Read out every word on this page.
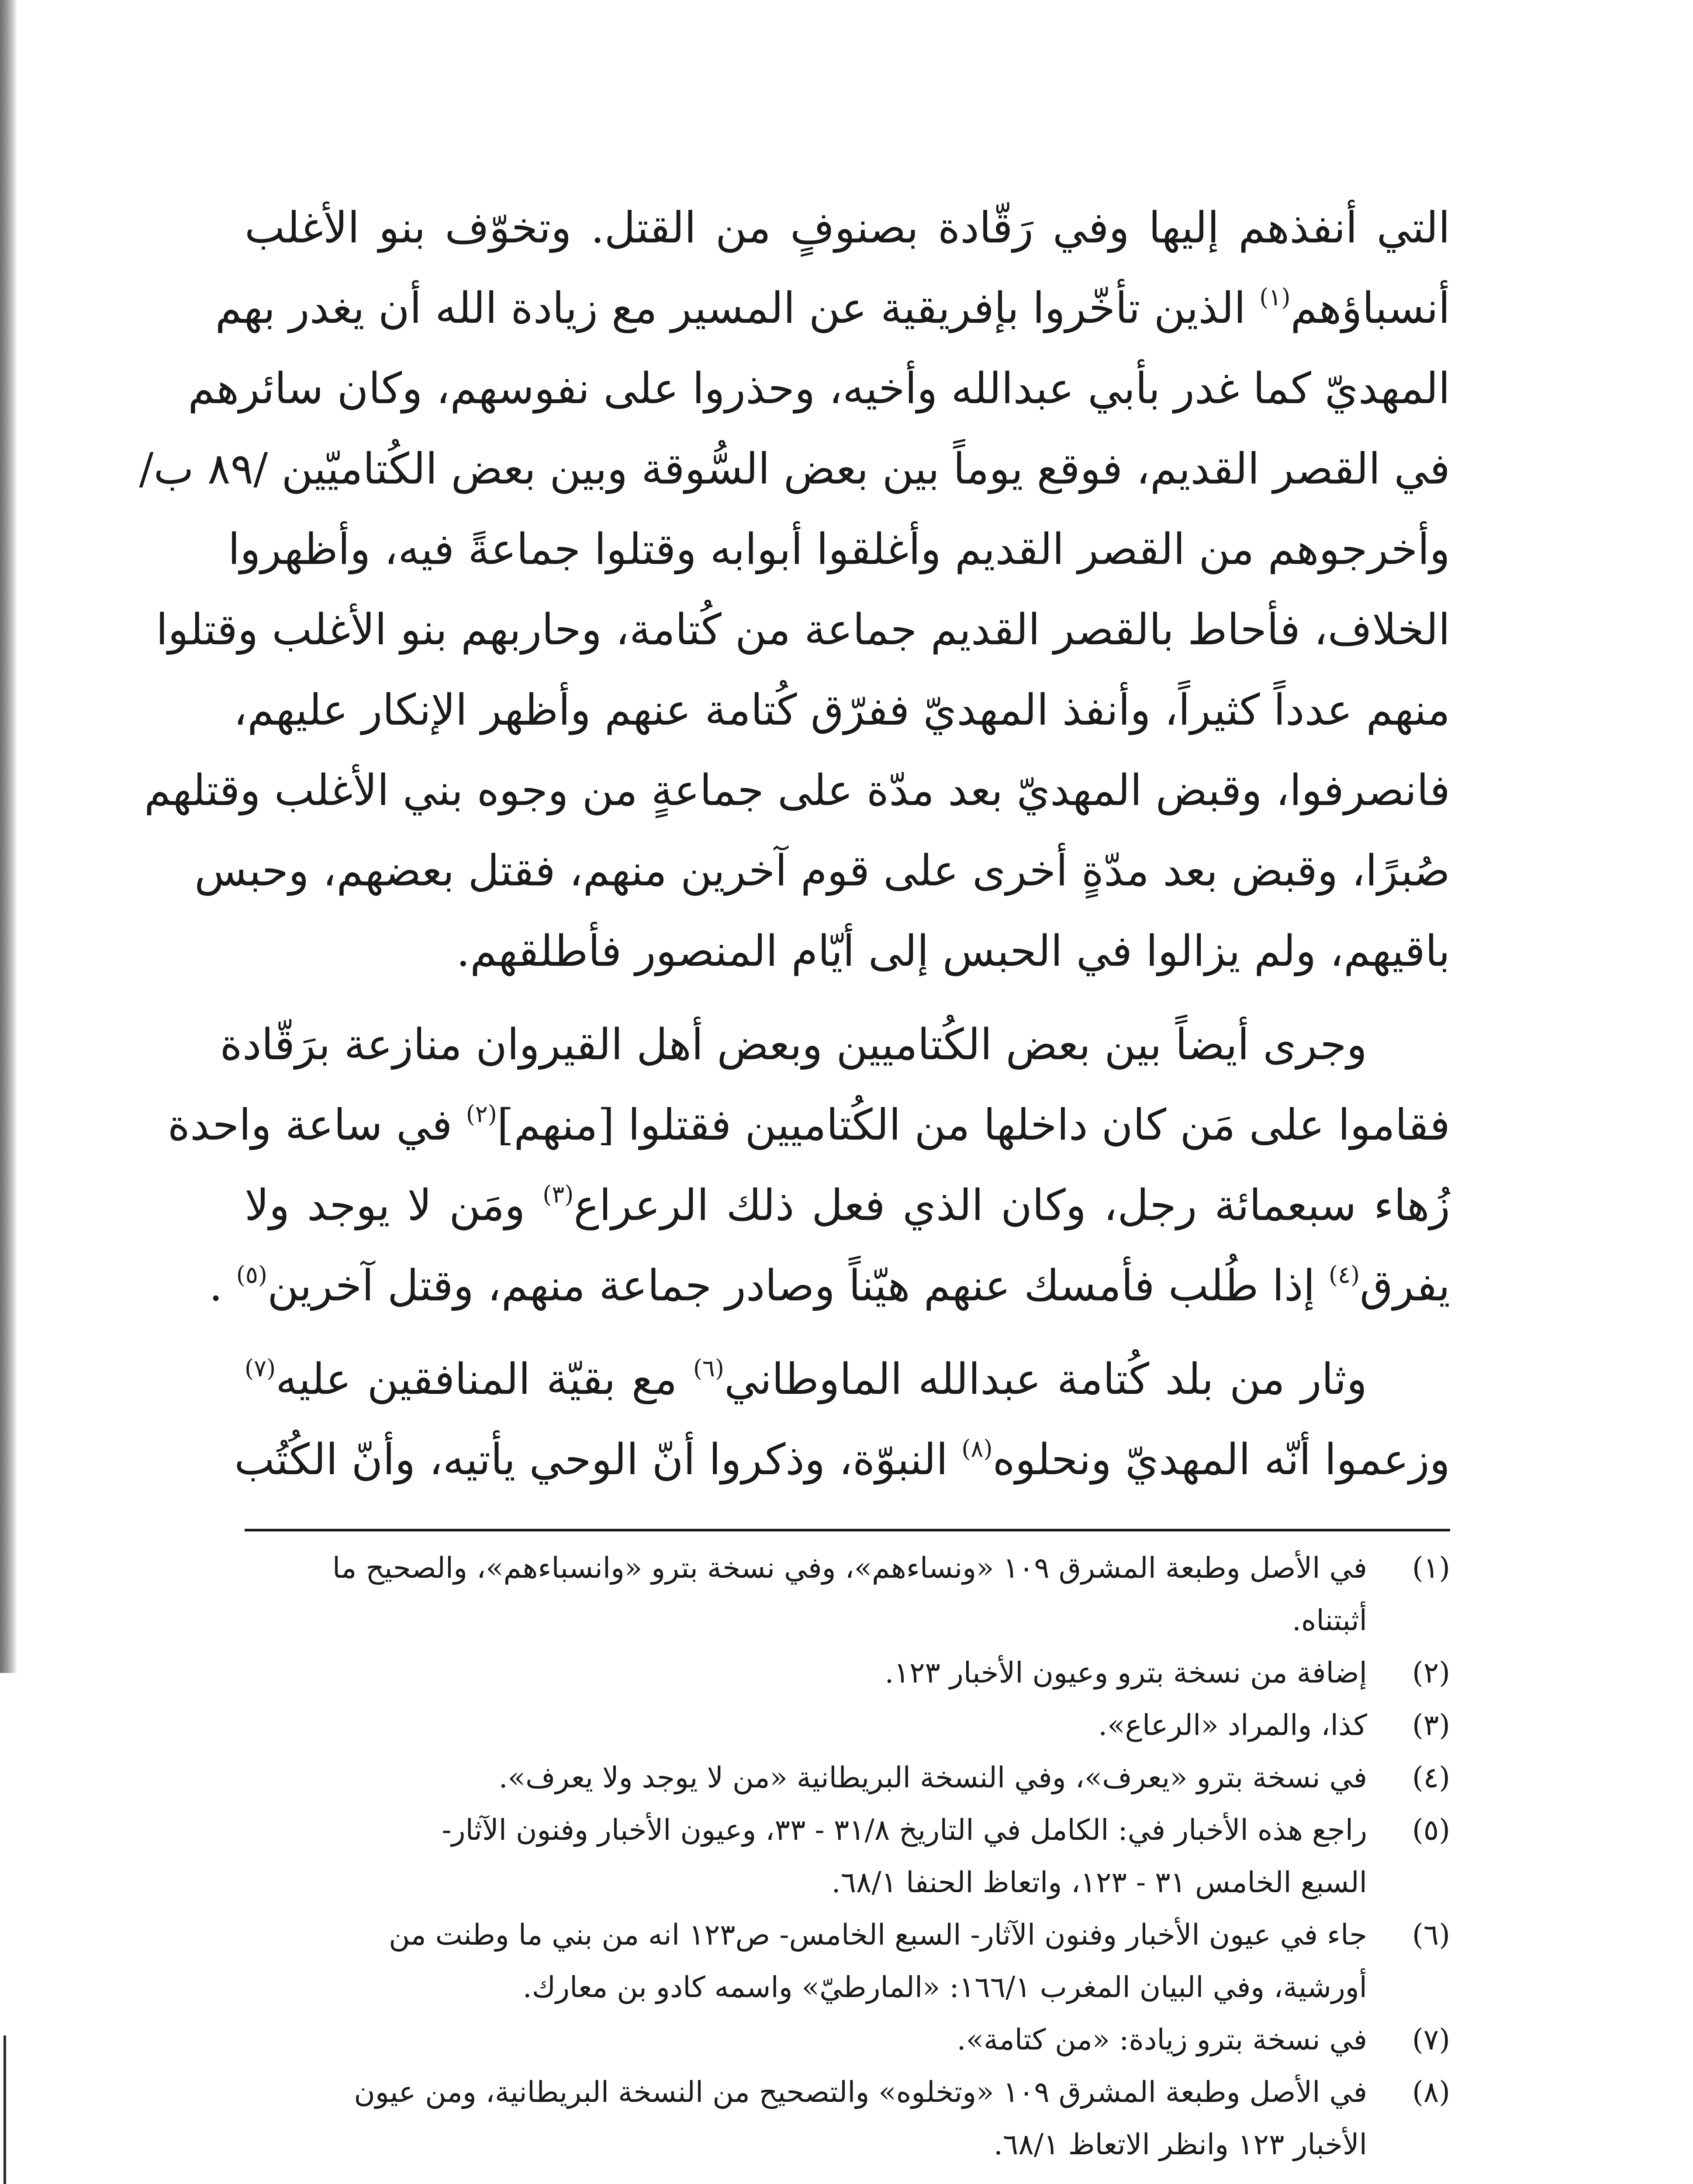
التي أنفذهم إليها وفي رَقّادة بصنوفٍ من القتل. وتخوّف بنو الأغلب
أنسباؤهم$^{(١)}$ الذين تأخّروا بإفريقية عن المسير مع زيادة الله أن يغدر بهم
المهديّ كما غدر بأبي عبدالله وأخيه، وحذروا على نفوسهم، وكان سائرهم
في القصر القديم، فوقع يوماً بين بعض السُّوقة وبين بعض الكُتاميّين /٨٩ ب/
وأخرجوهم من القصر القديم وأغلقوا أبوابه وقتلوا جماعةً فيه، وأظهروا
الخلاف، فأحاط بالقصر القديم جماعة من كُتامة، وحاربهم بنو الأغلب وقتلوا
منهم عدداً كثيراً، وأنفذ المهديّ ففرّق كُتامة عنهم وأظهر الإنكار عليهم،
فانصرفوا، وقبض المهديّ بعد مدّة على جماعةٍ من وجوه بني الأغلب وقتلهم
صُبرًا، وقبض بعد مدّةٍ أخرى على قوم آخرين منهم، فقتل بعضهم، وحبس
باقيهم، ولم يزالوا في الحبس إلى أيّام المنصور فأطلقهم.
وجرى أيضاً بين بعض الكُتاميين وبعض أهل القيروان منازعة برَقّادة
فقاموا على مَن كان داخلها من الكُتاميين فقتلوا [منهم]$^{(٢)}$ في ساعة واحدة
زُهاء سبعمائة رجل، وكان الذي فعل ذلك الرعراع$^{(٣)}$ ومَن لا يوجد ولا
يفرق$^{(٤)}$ إذا طُلب فأمسك عنهم هيّناً وصادر جماعة منهم، وقتل آخرين$^{(٥)}$ .
وثار من بلد كُتامة عبدالله الماوطاني$^{(٦)}$ مع بقيّة المنافقين عليه$^{(٧)}$
وزعموا أنّه المهديّ ونحلوه$^{(٨)}$ النبوّة، وذكروا أنّ الوحي يأتيه، وأنّ الكُتُب
(١)
في الأصل وطبعة المشرق ١٠٩ «ونساءهم»، وفي نسخة بترو «وانسباءهم»، والصحيح ما
أثبتناه.
(٢)
إضافة من نسخة بترو وعيون الأخبار ١٢٣.
(٣)
كذا، والمراد «الرعاع».
(٤)
في نسخة بترو «يعرف»، وفي النسخة البريطانية «من لا يوجد ولا يعرف».
(٥)
راجع هذه الأخبار في: الكامل في التاريخ ٣١/٨ - ٣٣، وعيون الأخبار وفنون الآثار-
السبع الخامس ٣١ - ١٢٣، واتعاظ الحنفا ٦٨/١.
(٦)
جاء في عيون الأخبار وفنون الآثار- السبع الخامس- ص١٢٣ انه من بني ما وطنت من
أورشية، وفي البيان المغرب ١٦٦/١: «المارطيّ» واسمه كادو بن معارك.
(٧)
في نسخة بترو زيادة: «من كتامة».
(٨)
في الأصل وطبعة المشرق ١٠٩ «وتخلوه» والتصحيح من النسخة البريطانية، ومن عيون
الأخبار ١٢٣ وانظر الاتعاظ ٦٨/١.
